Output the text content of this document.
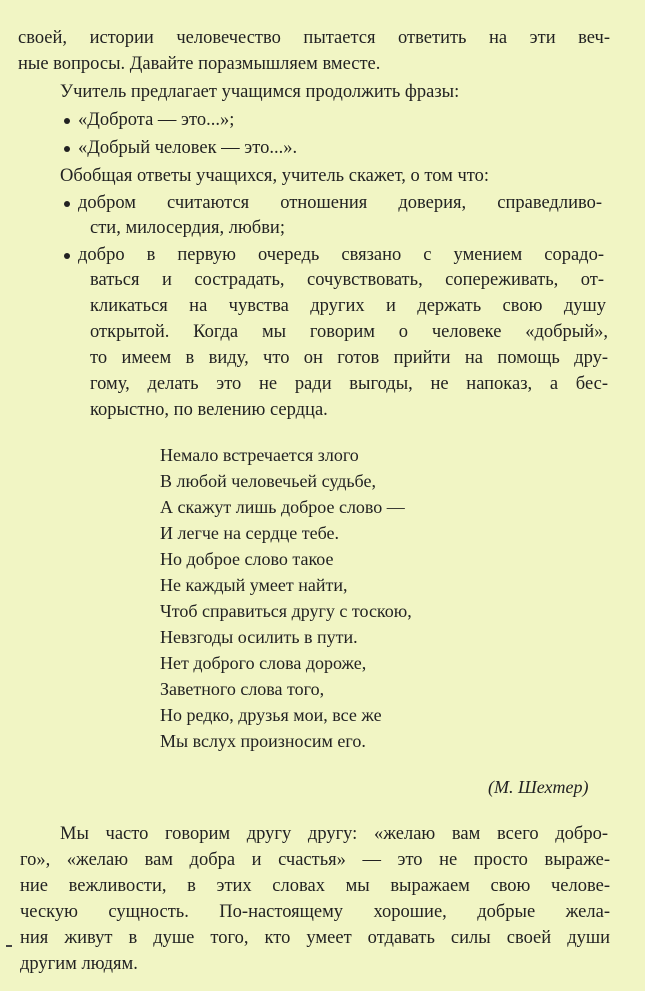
своей, истории человечество пытается ответить на эти веч-
ные вопросы. Давайте поразмышляем вместе.
Учитель предлагает учащимся продолжить фразы:
«Доброта — это...»;
«Добрый человек — это...».
Обобщая ответы учащихся, учитель скажет, о том что:
добром считаются отношения доверия, справедливо-
сти, милосердия, любви;
добро в первую очередь связано с умением сорадо-
ваться и сострадать, сочувствовать, сопереживать, от-
кликаться на чувства других и держать свою душу
открытой. Когда мы говорим о человеке «добрый»,
то имеем в виду, что он готов прийти на помощь дру-
гому, делать это не ради выгоды, не напоказ, а бес-
корыстно, по велению сердца.
Немало встречается злого
В любой человечьей судьбе,
А скажут лишь доброе слово —
И легче на сердце тебе.
Но доброе слово такое
Не каждый умеет найти,
Чтоб справиться другу с тоскою,
Невзгоды осилить в пути.
Нет доброго слова дороже,
Заветного слова того,
Но редко, друзья мои, все же
Мы вслух произносим его.
(М. Шехтер)
Мы часто говорим другу другу: «желаю вам всего добро-
го», «желаю вам добра и счастья» — это не просто выраже-
ние вежливости, в этих словах мы выражаем свою челове-
ческую сущность. По-настоящему хорошие, добрые жела-
ния живут в душе того, кто умеет отдавать силы своей души
другим людям.
